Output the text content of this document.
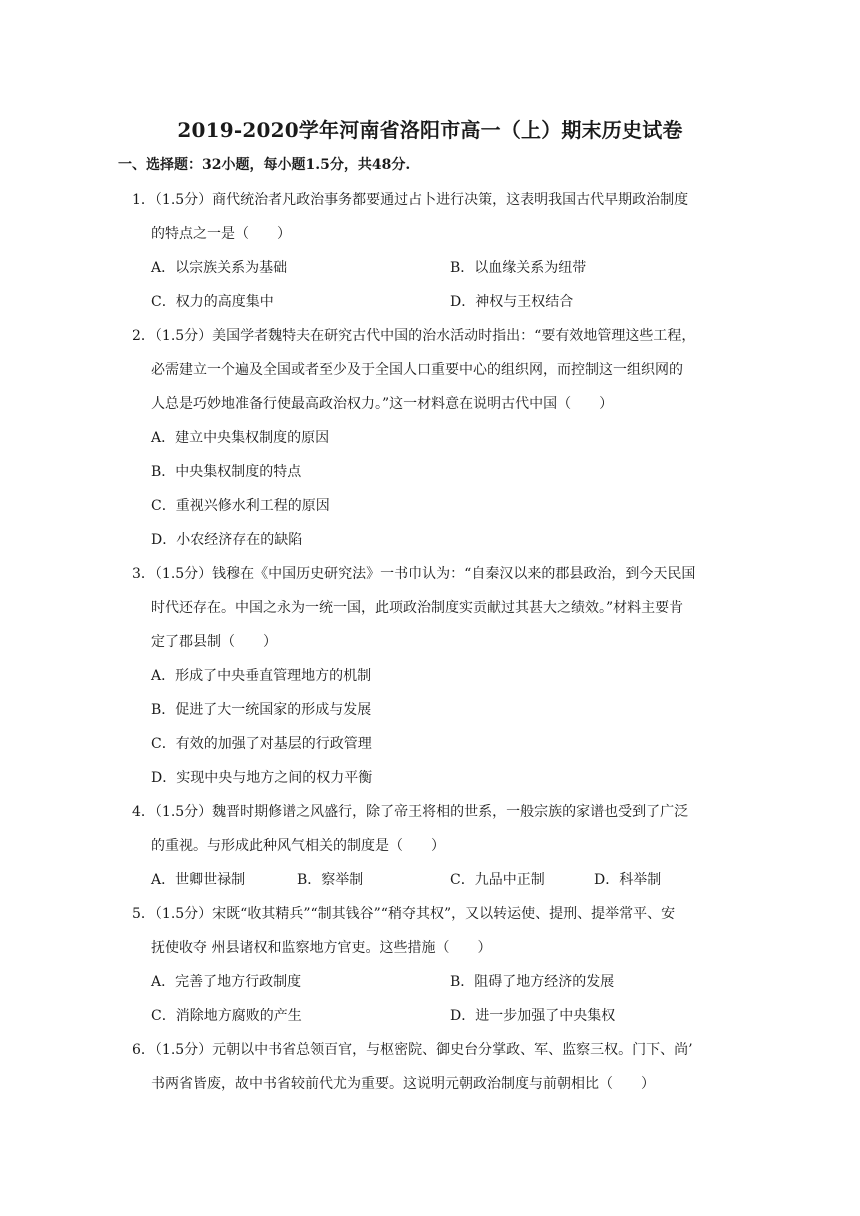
2019-2020学年河南省洛阳市高一（上）期末历史试卷
一、选择题：32小题，每小题1.5分，共48分.
1．（1.5分）商代统治者凡政治事务都要通过占卜进行决策，这表明我国古代早期政治制度
的特点之一是（　　）
A．以宗族关系为基础	B．以血缘关系为纽带
C．权力的高度集中	D．神权与王权结合
2．（1.5分）美国学者魏特夫在研究古代中国的治水活动时指出：“要有效地管理这些工程，
必需建立一个遍及全国或者至少及于全国人口重要中心的组织网，而控制这一组织网的
人总是巧妙地准备行使最高政治权力。”这一材料意在说明古代中国（　　）
A．建立中央集权制度的原因
B．中央集权制度的特点
C．重视兴修水利工程的原因
D．小农经济存在的缺陷
3．（1.5分）钱穆在《中国历史研究法》一书巾认为：“自秦汉以来的郡县政治，到今天民国
时代还存在。中国之永为一统一国，此项政治制度实贡献过其甚大之绩效。”材料主要肯
定了郡县制（　　）
A．形成了中央垂直管理地方的机制
B．促进了大一统国家的形成与发展
C．有效的加强了对基层的行政管理
D．实现中央与地方之间的权力平衡
4．（1.5分）魏晋时期修谱之风盛行，除了帝王将相的世系，一般宗族的家谱也受到了广泛
的重视。与形成此种风气相关的制度是（　　）
A．世卿世禄制	B．察举制	C．九品中正制	D．科举制
5．（1.5分）宋既“收其精兵”“制其钱谷”“稍夺其权”，又以转运使、提刑、提举常平、安
抚使收夺 州县诸权和监察地方官吏。这些措施（　　）
A．完善了地方行政制度	B．阻碍了地方经济的发展
C．消除地方腐败的产生	D．进一步加强了中央集权
6．（1.5分）元朝以中书省总领百官，与枢密院、御史台分掌政、军、监察三权。门下、尚’
书两省皆废，故中书省较前代尤为重要。这说明元朝政治制度与前朝相比（　　）
